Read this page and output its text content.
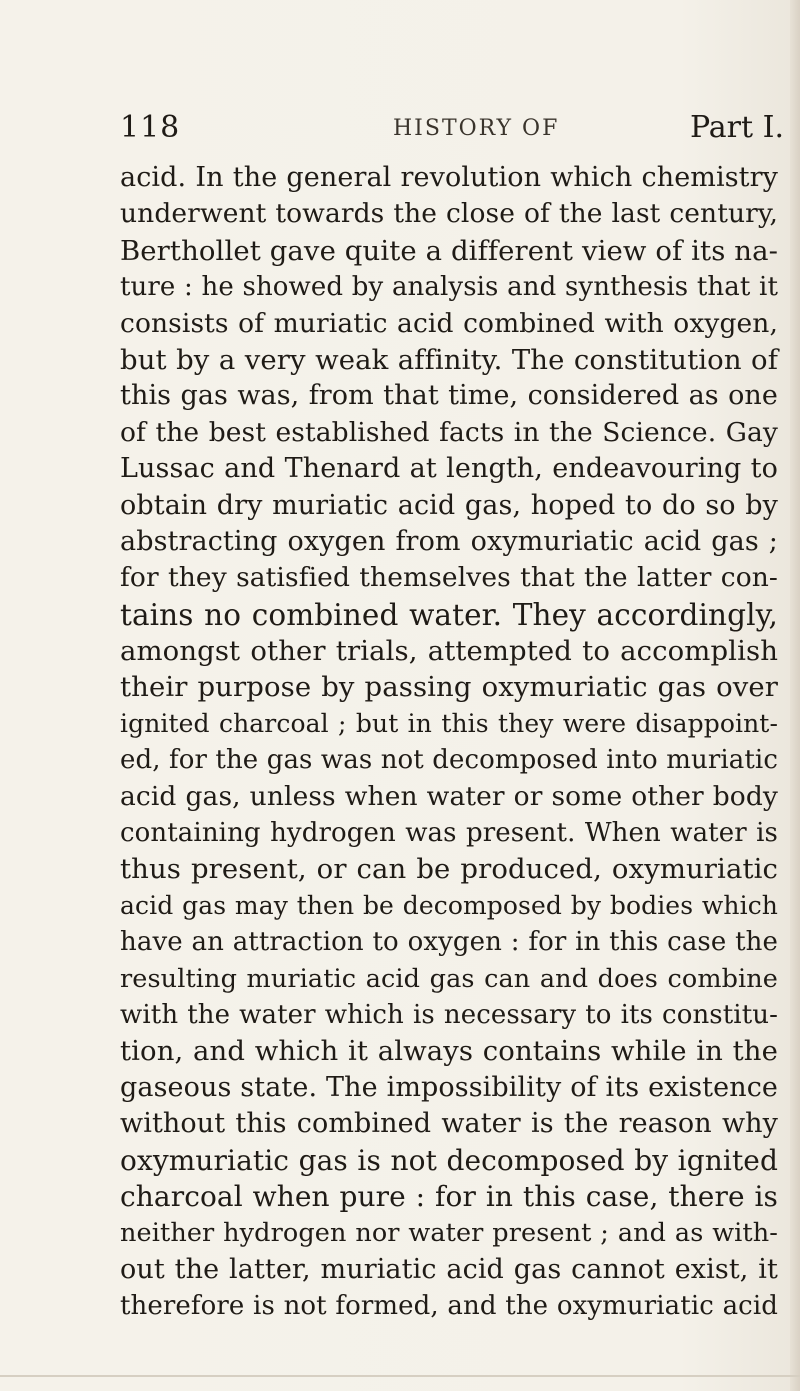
118	HISTORY OF	Part I.
acid. In the general revolution which chemistry
underwent towards the close of the last century,
Berthollet gave quite a different view of its na-
ture : he showed by analysis and synthesis that it
consists of muriatic acid combined with oxygen,
but by a very weak affinity. The constitution of
this gas was, from that time, considered as one
of the best established facts in the Science. Gay
Lussac and Thenard at length, endeavouring to
obtain dry muriatic acid gas, hoped to do so by
abstracting oxygen from oxymuriatic acid gas ;
for they satisfied themselves that the latter con-
tains no combined water. They accordingly,
amongst other trials, attempted to accomplish
their purpose by passing oxymuriatic gas over
ignited charcoal ; but in this they were disappoint-
ed, for the gas was not decomposed into muriatic
acid gas, unless when water or some other body
containing hydrogen was present. When water is
thus present, or can be produced, oxymuriatic
acid gas may then be decomposed by bodies which
have an attraction to oxygen : for in this case the
resulting muriatic acid gas can and does combine
with the water which is necessary to its constitu-
tion, and which it always contains while in the
gaseous state. The impossibility of its existence
without this combined water is the reason why
oxymuriatic gas is not decomposed by ignited
charcoal when pure : for in this case, there is
neither hydrogen nor water present ; and as with-
out the latter, muriatic acid gas cannot exist, it
therefore is not formed, and the oxymuriatic acid
